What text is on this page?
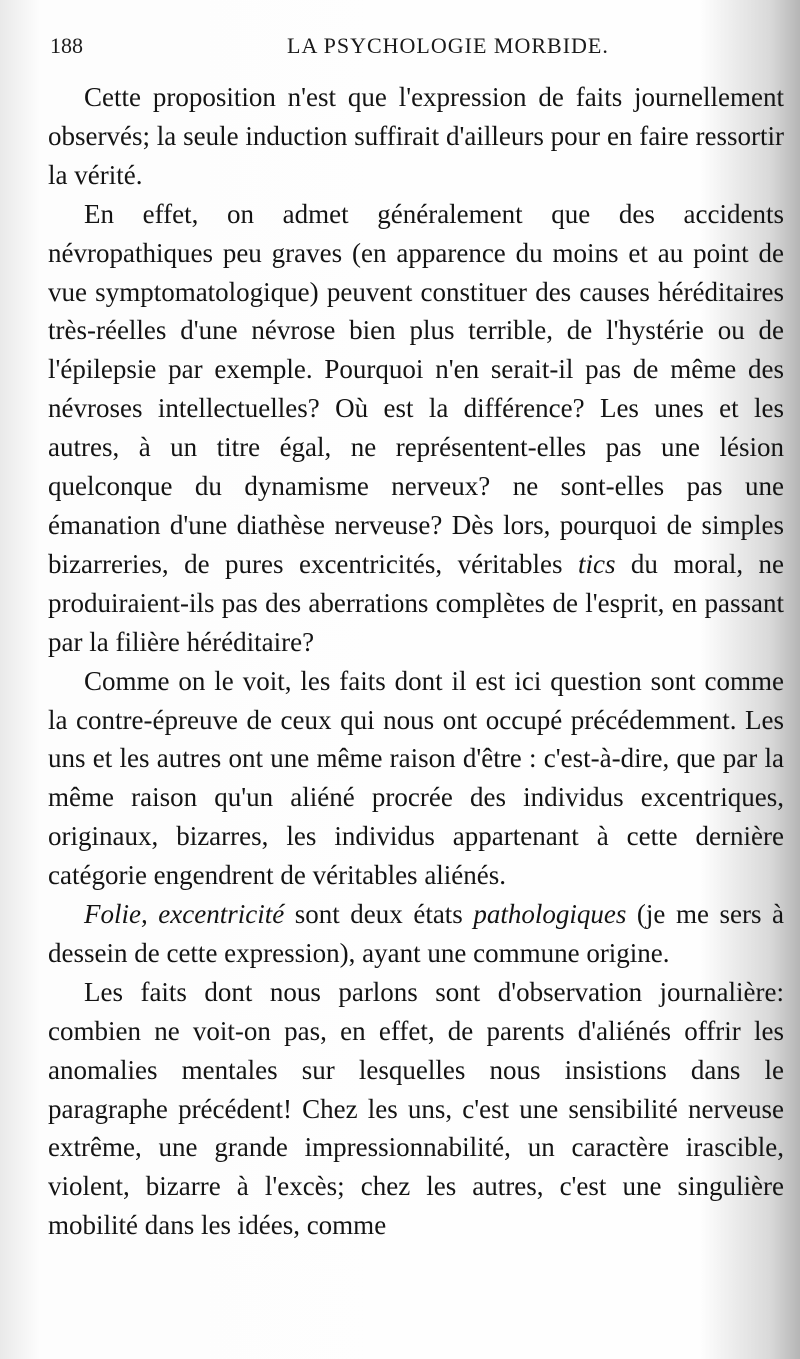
188	LA PSYCHOLOGIE MORBIDE.

Cette proposition n'est que l'expression de faits journellement observés; la seule induction suffirait d'ailleurs pour en faire ressortir la vérité.

En effet, on admet généralement que des accidents névropathiques peu graves (en apparence du moins et au point de vue symptomatologique) peuvent constituer des causes héréditaires très-réelles d'une névrose bien plus terrible, de l'hystérie ou de l'épilepsie par exemple. Pourquoi n'en serait-il pas de même des névroses intellectuelles? Où est la différence? Les unes et les autres, à un titre égal, ne représentent-elles pas une lésion quelconque du dynamisme nerveux? ne sont-elles pas une émanation d'une diathèse nerveuse? Dès lors, pourquoi de simples bizarreries, de pures excentricités, véritables tics du moral, ne produiraient-ils pas des aberrations complètes de l'esprit, en passant par la filière héréditaire?

Comme on le voit, les faits dont il est ici question sont comme la contre-épreuve de ceux qui nous ont occupé précédemment. Les uns et les autres ont une même raison d'être : c'est-à-dire, que par la même raison qu'un aliéné procrée des individus excentriques, originaux, bizarres, les individus appartenant à cette dernière catégorie engendrent de véritables aliénés.

Folie, excentricité sont deux états pathologiques (je me sers à dessein de cette expression), ayant une commune origine.

Les faits dont nous parlons sont d'observation journalière: combien ne voit-on pas, en effet, de parents d'aliénés offrir les anomalies mentales sur lesquelles nous insistions dans le paragraphe précédent! Chez les uns, c'est une sensibilité nerveuse extrême, une grande impressionnabilité, un caractère irascible, violent, bizarre à l'excès; chez les autres, c'est une singulière mobilité dans les idées, comme
